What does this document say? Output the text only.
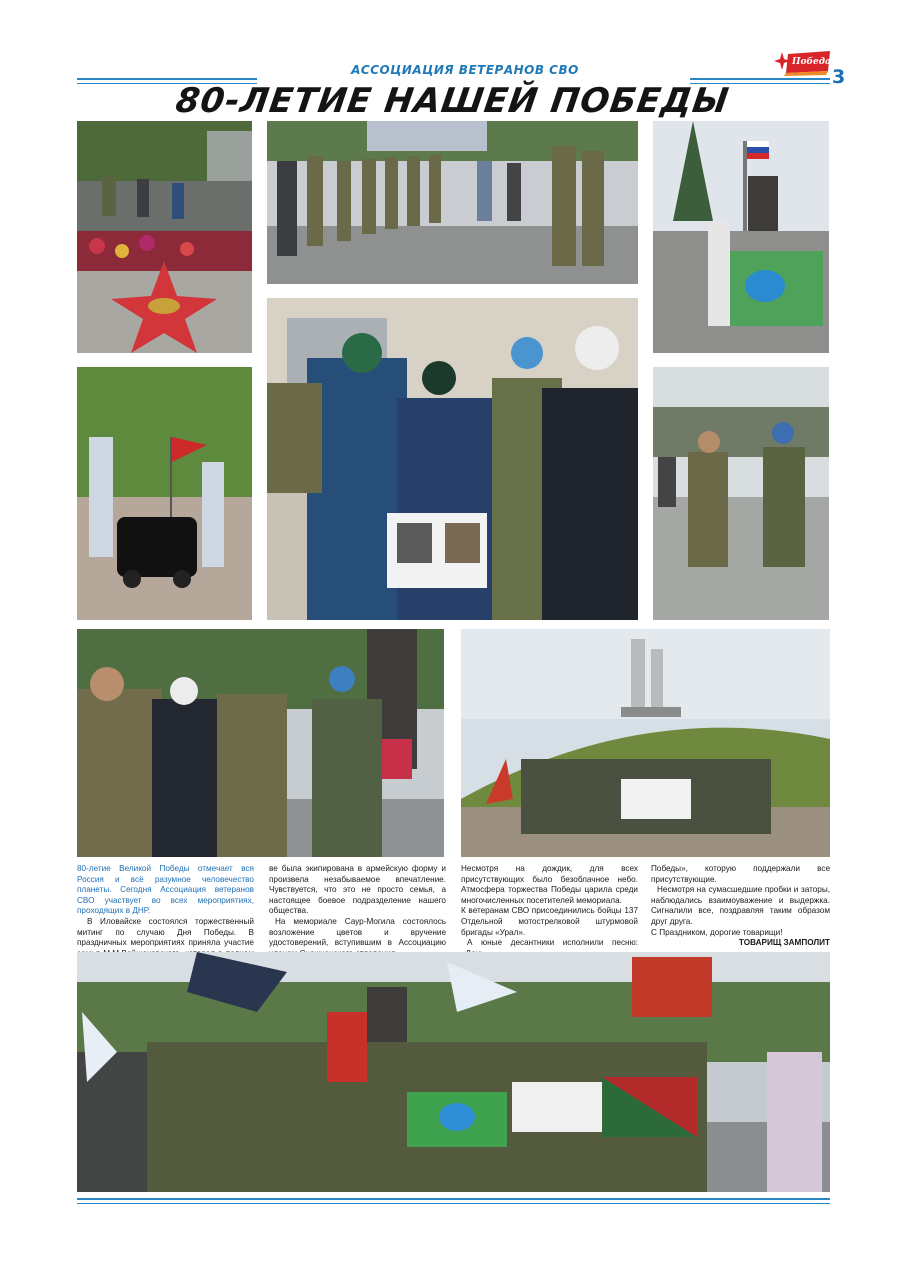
АССОЦИАЦИЯ ВЕТЕРАНОВ СВО
Победа
3
80-ЛЕТИЕ НАШЕЙ ПОБЕДЫ

80-летие Великой Победы отмечает вся Россия и всё разумное человечество планеты. Сегодня Ассоциация ветеранов СВО участвует во всех мероприятиях, проходящих в ДНР.

В Иловайске состоялся торжественный митинг по случаю Дня Победы. В праздничных мероприятиях приняла участие

ве была экипирована в армейскую форму и произвела незабываемое впечатление. Чувствуется, что это не просто семья, а настоящее боевое подразделение нашего общества.

На мемориале Саур-Могила состоялось возложение цветов и вручение удостоверений, вступившим в Ассоциацию

Несмотря на дождик, для всех присутствующих было безоблачное небо. Атмосфера торжества Победы царила среди многочисленных посетителей мемориала.

К ветеранам СВО присоединились бойцы 137 Отдельной мотострелковой штурмовой бригады «Урал».

А юные десантники исполнили песню:

Победы», которую поддержали все присутствующие.

Несмотря на сумасшедшие пробки и заторы, наблюдались взаимоуважение и выдержка. Сигналили все, поздравляя таким образом друг друга.

С Праздником, дорогие товарищи!

ТОВАРИЩ ЗАМПОЛИТ
